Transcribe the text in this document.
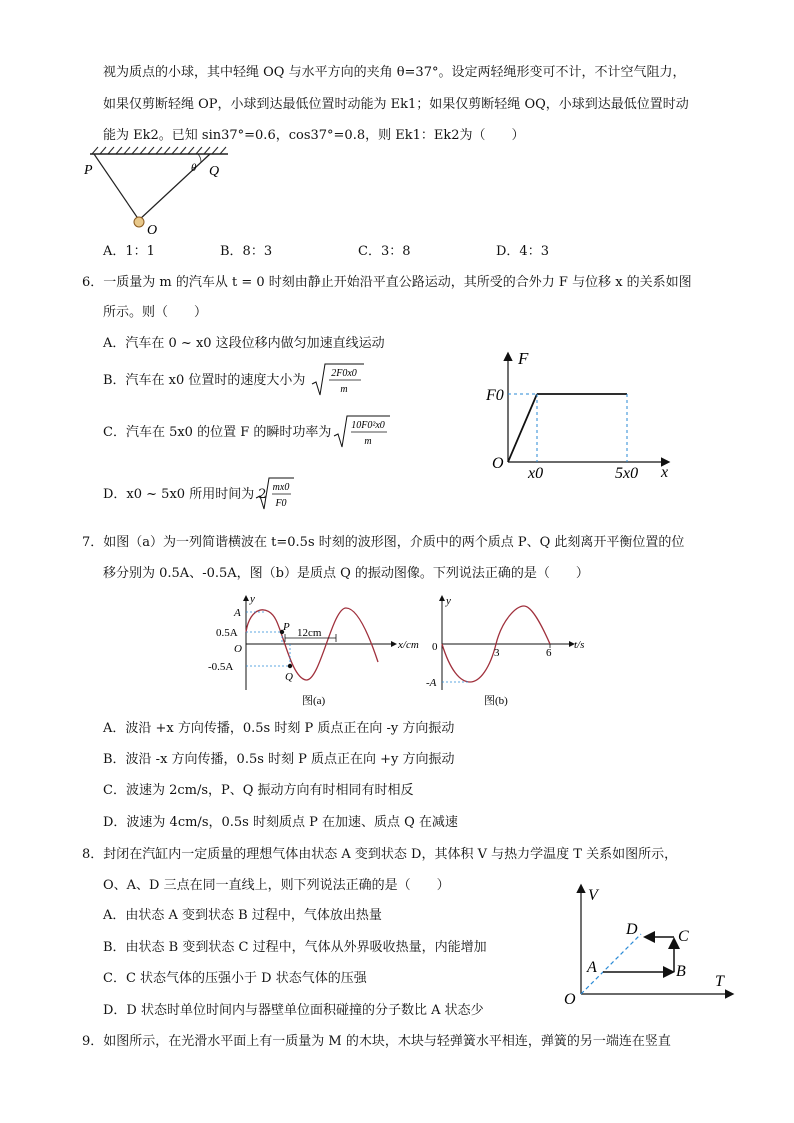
视为质点的小球，其中轻绳 OQ 与水平方向的夹角 θ=37°。设定两轻绳形变可不计，不计空气阻力，
如果仅剪断轻绳 OP，小球到达最低位置时动能为 Ek1；如果仅剪断轻绳 OQ，小球到达最低位置时动
能为 Ek2。已知 sin37°=0.6，cos37°=0.8，则 Ek1：Ek2为（　　）
P	Q
θ
O
A．1：1	B．8：3	C．3：8	D．4：3
6．一质量为 m 的汽车从 t = 0 时刻由静止开始沿平直公路运动，其所受的合外力 F 与位移 x 的关系如图
所示。则（　　）
A．汽车在 0 ~ x0 这段位移内做匀加速直线运动
B．汽车在 x0 位置时的速度大小为	2F0x0
m
C．汽车在 5x0 的位置 F 的瞬时功率为 10F0²x0
m
D．x0 ~ 5x0 所用时间为 2 mx0
F0
F
F0
O
x0	5x0 x
7．如图（a）为一列简谐横波在 t=0.5s 时刻的波形图，介质中的两个质点 P、Q 此刻离开平衡位置的位
移分别为 0.5A、-0.5A，图（b）是质点 Q 的振动图像。下列说法正确的是（　　）
y
A
0.5A
O
-0.5A
P
Q
12cm
x/cm
图(a)
y
0	3	6
-A
t/s
图(b)
A．波沿 +x 方向传播，0.5s 时刻 P 质点正在向 -y 方向振动
B．波沿 -x 方向传播，0.5s 时刻 P 质点正在向 +y 方向振动
C．波速为 2cm/s，P、Q 振动方向有时相同有时相反
D．波速为 4cm/s，0.5s 时刻质点 P 在加速、质点 Q 在减速
8．封闭在汽缸内一定质量的理想气体由状态 A 变到状态 D，其体积 V 与热力学温度 T 关系如图所示，
O、A、D 三点在同一直线上，则下列说法正确的是（　　）
A．由状态 A 变到状态 B 过程中，气体放出热量
B．由状态 B 变到状态 C 过程中，气体从外界吸收热量，内能增加
C．C 状态气体的压强小于 D 状态气体的压强
D．D 状态时单位时间内与器壁单位面积碰撞的分子数比 A 状态少
V
T
O
A	B
C
D
9．如图所示，在光滑水平面上有一质量为 M 的木块，木块与轻弹簧水平相连，弹簧的另一端连在竖直
